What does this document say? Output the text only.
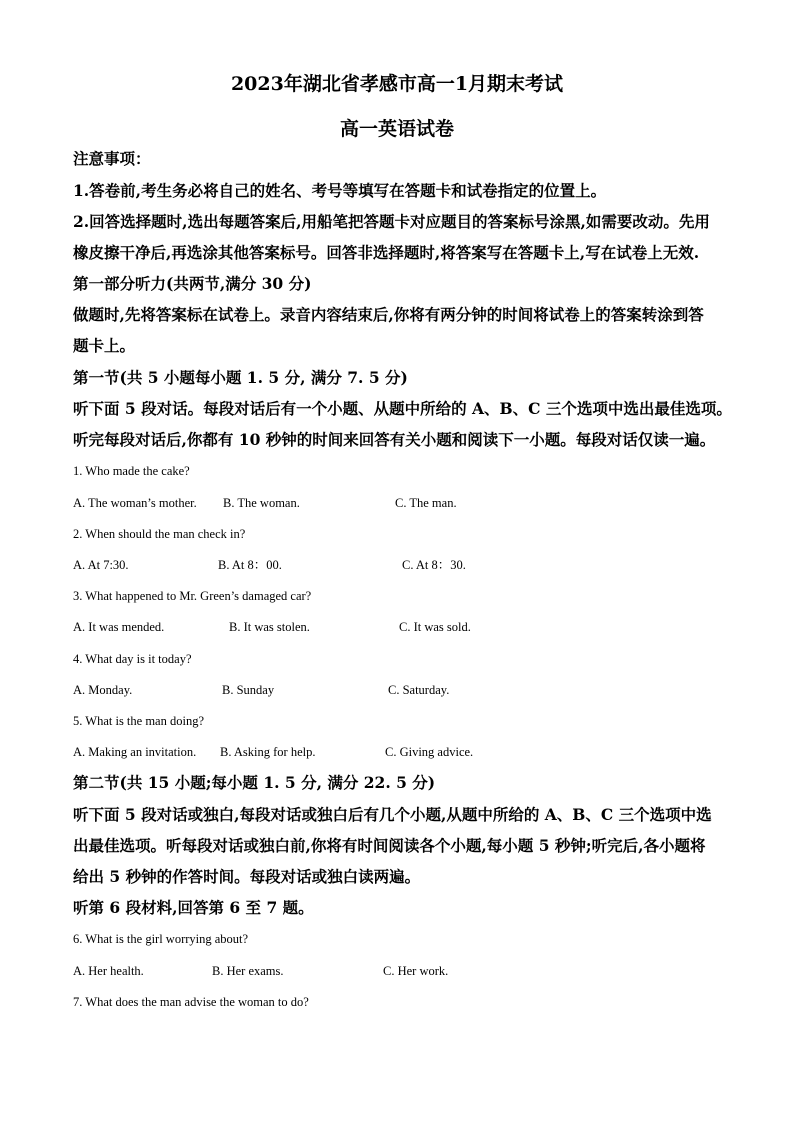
2023年湖北省孝感市高一1月期末考试
高一英语试卷
注意事项：
1.答卷前,考生务必将自己的姓名、考号等填写在答题卡和试卷指定的位置上。
2.回答选择题时,选出每题答案后,用船笔把答题卡对应题目的答案标号涂黑,如需要改动。先用
橡皮擦干净后,再选涂其他答案标号。回答非选择题时,将答案写在答题卡上,写在试卷上无效.
第一部分听力(共两节,满分 30 分)
做题时,先将答案标在试卷上。录音内容结束后,你将有两分钟的时间将试卷上的答案转涂到答
题卡上。
第一节(共 5 小题每小题 1. 5 分, 满分 7. 5 分)
听下面 5 段对话。每段对话后有一个小题、从题中所给的 A、B、C 三个选项中选出最佳选项。
听完每段对话后,你都有 10 秒钟的时间来回答有关小题和阅读下一小题。每段对话仅读一遍。
1. Who made the cake?
A. The woman’s mother. B. The woman.	C. The man.
2. When should the man check in?
A. At 7:30.	B. At 8：00.	C. At 8：30.
3. What happened to Mr. Green’s damaged car?
A. It was mended.	B. It was stolen.	C. It was sold.
4. What day is it today?
A. Monday.	B. Sunday	C. Saturday.
5. What is the man doing?
A. Making an invitation. B. Asking for help.	C. Giving advice.
第二节(共 15 小题;每小题 1. 5 分, 满分 22. 5 分)
听下面 5 段对话或独白,每段对话或独白后有几个小题,从题中所给的 A、B、C 三个选项中选
出最佳选项。听每段对话或独白前,你将有时间阅读各个小题,每小题 5 秒钟;听完后,各小题将
给出 5 秒钟的作答时间。每段对话或独白读两遍。
听第 6 段材料,回答第 6 至 7 题。
6. What is the girl worrying about?
A. Her health.	B. Her exams.	C. Her work.
7. What does the man advise the woman to do?
